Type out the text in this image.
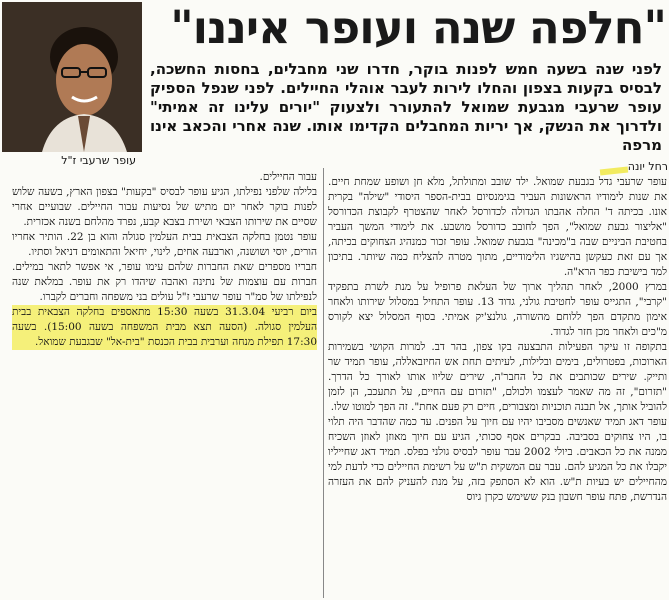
עופר שרעבי ז"ל
"חלפה שנה ועופר איננו"
לפני שנה בשעה חמש לפנות בוקר, חדרו שני מחבלים, בחסות החשכה, לבסיס בקעות בצפון והחלו לירות לעבר אוהלי החיילים. לפני שנפל הספיק עופר שרעבי מגבעת שמואל להתעורר ולצעוק "יורים עלינו זה אמיתי" ולדרוך את הנשק, אך יריות המחבלים הקדימו אותו. שנה אחרי והכאב אינו מרפה
רחל יונה

עופר שרעבי גדל בגבעת שמואל. ילד שובב ומתולתל, מלא חן ושופע שמחת חיים. את שנות לימודיו הראשונות העביר בגימנסיום בבית-הספר היסודי "שילה" בקרית אונו. בכיתה ד' החלה אהבתו הגדולה לכדורסל לאחר שהצטרף לקבוצת הכדורסל "אליצור גבעת שמואל", הפך לחובב כדורסל מושבע. את לימודי המשך העביר בחטיבת הביניים שבה ב"מכינה" בגבעת שמואל. עופר זכור כמנהיג הצחוקים בכיתה, אך עם זאת כעקשן בהישגיו הלימודיים, מתוך מטרה להצליח כמה שיותר. בתיכון למד בישיבת כפר הרא"ה.

במרץ 2000, לאחר תהליך ארוך של העלאת פרופיל על מנת לשרת בתפקיד "קרבי", התגייס עופר לחטיבת גולני, גדוד 13. עופר התחיל במסלול שירותו ולאחר אימון מתקדם הפך ללוחם מהשורה, גולנצ'יק אמיתי. בסוף המסלול יצא לקורס מ"כים ולאחר מכן חזר לגדוד.

בתקופה זו עיקר הפעילות התבצעה בקו צפון, בהר דב. למרות הקושי בשמירות הארוכות, בפטרולים, בימים ובלילות, לעיתים תחת אש החיזבאללה, עופר תמיד שר ותייק. שירים שכותבים את כל החבר'ה, שירים שליוו אותו לאורך כל הדרך. "תזרום", זה מה שאמר לעצמו ולכולם, "תזרום עם החיים, על תתעכב, הן לזמן להוביל אותך, אל תבנה תוכניות ומצבורים, חיים רק פעם אחת". זה הפך למוטו שלו.

עופר דאג תמיד שאנשים מסביבו יהיו עם חיוך על הפנים. עד כמה שהדבר היה תלוי בו, היו צחוקים בסביבה. בבקרים אסף סכותי, הגיע עם חיוך מאוזן לאוזן השכיח ממנה את כל הכאבים. ביולי 2002 עבר עופר לבסיס גולני בפלס. תמיד דאג שחייליו יקבלו את כל המגיע להם. עבר עם המשקית ת"ש על רשימת החיילים כדי לדעת למי מהחיילים יש בעיות ת"ש. הוא לא הסתפק בזה, על מנת להעניק להם את העזרה הנדרשת, פתח עופר חשבון בנק ששימש כקרן גיוס

עבור החיילים.

בלילה שלפני נפילתו, הגיע עופר לבסיס "בקעות" בצפון הארץ, בשעה שלוש לפנות בוקר לאחר יום מתיש של נסיעות עבור החיילים. שבועיים אחרי שסיים את שירותו הצבאי ושירת בצבא קבע, נפרד מהלחם בשנה אכזרית.

עופר נטמן בחלקה הצבאית בבית העלמין סגולה והוא בן 22. הותיר אחריו הורים, יוסי ושושנה, וארבעה אחים, לינוי, יחיאל והתאומים דניאל וסתיו.

חבריו מספרים שאת החברות שלהם עימו עופר, אי אפשר לתאר במילים. חברות עם עוצמות של נתינה ואהבה שיהדו רק את עופר. במלאת שנה לנפילתו של סמ"ר עופר שרעבי ז"ל עולים בני משפחה וחברים לקברו.

ביום רביעי 31.3.04 בשעה 15:30 מתאספים בחלקה הצבאית בבית העלמין סגולה. (הסעה תצא מבית המשפחה בשעה 15:00). בשעה 17:30 תפילת מנחה וערבית בבית הכנסת "בית-אל" שבגבעת שמואל.
